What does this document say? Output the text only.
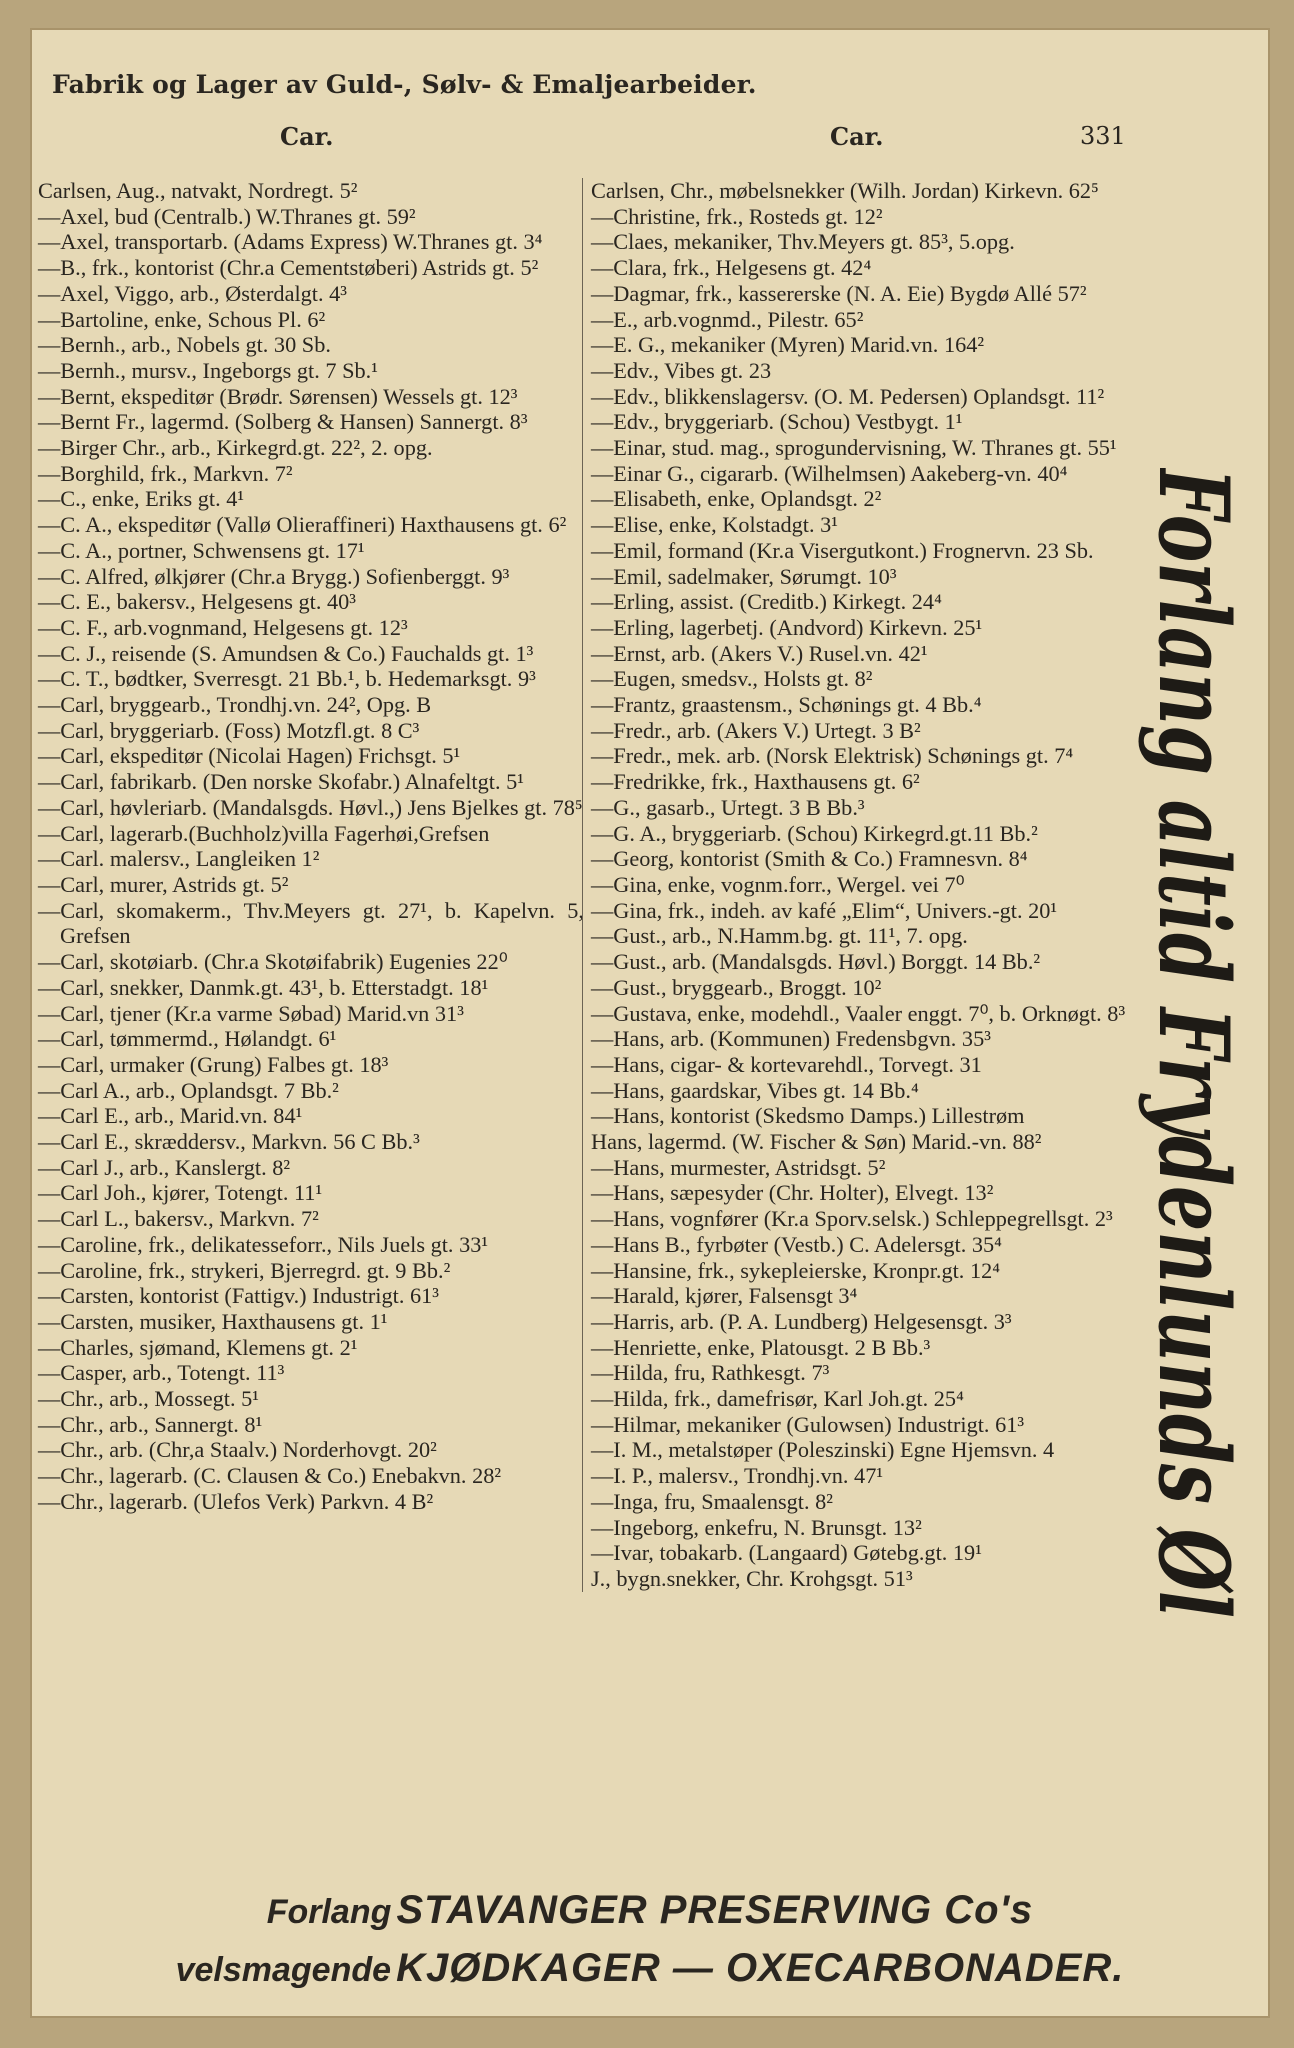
Fabrik og Lager av Guld-, Sølv- & Emaljearbeider.
Car.	Car.	331
Carlsen, Aug., natvakt, Nordregt. 5²
—Axel, bud (Centralb.) W.Thranes gt. 59²
—Axel, transportarb. (Adams Express) W.Thranes gt. 3⁴
—B., frk., kontorist (Chr.a Cementstøberi) Astrids gt. 5²
—Axel, Viggo, arb., Østerdalgt. 4³
—Bartoline, enke, Schous Pl. 6²
—Bernh., arb., Nobels gt. 30 Sb.
—Bernh., mursv., Ingeborgs gt. 7 Sb.¹
—Bernt, ekspeditør (Brødr. Sørensen) Wessels gt. 12³
—Bernt Fr., lagermd. (Solberg & Hansen) Sannergt. 8³
—Birger Chr., arb., Kirkegrd.gt. 22², 2. opg.
—Borghild, frk., Markvn. 7²
—C., enke, Eriks gt. 4¹
—C. A., ekspeditør (Vallø Olieraffineri) Haxthausens gt. 6²
—C. A., portner, Schwensens gt. 17¹
—C. Alfred, ølkjører (Chr.a Brygg.) Sofienberggt. 9³
—C. E., bakersv., Helgesens gt. 40³
—C. F., arb.vognmand, Helgesens gt. 12³
—C. J., reisende (S. Amundsen & Co.) Fauchalds gt. 1³
—C. T., bødtker, Sverresgt. 21 Bb.¹, b. Hedemarksgt. 9³
—Carl, bryggearb., Trondhj.vn. 24², Opg. B
—Carl, bryggeriarb. (Foss) Motzfl.gt. 8 C³
—Carl, ekspeditør (Nicolai Hagen) Frichsgt. 5¹
—Carl, fabrikarb. (Den norske Skofabr.) Alnafeltgt. 5¹
—Carl, høvleriarb. (Mandalsgds. Høvl.,) Jens Bjelkes gt. 78⁵
—Carl, lagerarb.(Buchholz)villa Fagerhøi,Grefsen
—Carl. malersv., Langleiken 1²
—Carl, murer, Astrids gt. 5²
—Carl, skomakerm., Thv.Meyers gt. 27¹, b. Kapelvn. 5, Grefsen
—Carl, skotøiarb. (Chr.a Skotøifabrik) Eugenies 22⁰
—Carl, snekker, Danmk.gt. 43¹, b. Etterstadgt. 18¹
—Carl, tjener (Kr.a varme Søbad) Marid.vn 31³
—Carl, tømmermd., Hølandgt. 6¹
—Carl, urmaker (Grung) Falbes gt. 18³
—Carl A., arb., Oplandsgt. 7 Bb.²
—Carl E., arb., Marid.vn. 84¹
—Carl E., skræddersv., Markvn. 56 C Bb.³
—Carl J., arb., Kanslergt. 8²
—Carl Joh., kjører, Totengt. 11¹
—Carl L., bakersv., Markvn. 7²
—Caroline, frk., delikatesseforr., Nils Juels gt. 33¹
—Caroline, frk., strykeri, Bjerregrd. gt. 9 Bb.²
—Carsten, kontorist (Fattigv.) Industrigt. 61³
—Carsten, musiker, Haxthausens gt. 1¹
—Charles, sjømand, Klemens gt. 2¹
—Casper, arb., Totengt. 11³
—Chr., arb., Mossegt. 5¹
—Chr., arb., Sannergt. 8¹
—Chr., arb. (Chr,a Staalv.) Norderhovgt. 20²
—Chr., lagerarb. (C. Clausen & Co.) Enebakvn. 28²
—Chr., lagerarb. (Ulefos Verk) Parkvn. 4 B²
Carlsen, Chr., møbelsnekker (Wilh. Jordan) Kirkevn. 62⁵
—Christine, frk., Rosteds gt. 12²
—Claes, mekaniker, Thv.Meyers gt. 85³, 5.opg.
—Clara, frk., Helgesens gt. 42⁴
—Dagmar, frk., kassererske (N. A. Eie) Bygdø Allé 57²
—E., arb.vognmd., Pilestr. 65²
—E. G., mekaniker (Myren) Marid.vn. 164²
—Edv., Vibes gt. 23
—Edv., blikkenslagersv. (O. M. Pedersen) Oplandsgt. 11²
—Edv., bryggeriarb. (Schou) Vestbygt. 1¹
—Einar, stud. mag., sprogundervisning, W. Thranes gt. 55¹
—Einar G., cigararb. (Wilhelmsen) Aakeberg-vn. 40⁴
—Elisabeth, enke, Oplandsgt. 2²
—Elise, enke, Kolstadgt. 3¹
—Emil, formand (Kr.a Visergutkont.) Frognervn. 23 Sb.
—Emil, sadelmaker, Sørumgt. 10³
—Erling, assist. (Creditb.) Kirkegt. 24⁴
—Erling, lagerbetj. (Andvord) Kirkevn. 25¹
—Ernst, arb. (Akers V.) Rusel.vn. 42¹
—Eugen, smedsv., Holsts gt. 8²
—Frantz, graastensm., Schønings gt. 4 Bb.⁴
—Fredr., arb. (Akers V.) Urtegt. 3 B²
—Fredr., mek. arb. (Norsk Elektrisk) Schønings gt. 7⁴
—Fredrikke, frk., Haxthausens gt. 6²
—G., gasarb., Urtegt. 3 B Bb.³
—G. A., bryggeriarb. (Schou) Kirkegrd.gt.11 Bb.²
—Georg, kontorist (Smith & Co.) Framnesvn. 8⁴
—Gina, enke, vognm.forr., Wergel. vei 7⁰
—Gina, frk., indeh. av kafé „Elim“, Univers.-gt. 20¹
—Gust., arb., N.Hamm.bg. gt. 11¹, 7. opg.
—Gust., arb. (Mandalsgds. Høvl.) Borggt. 14 Bb.²
—Gust., bryggearb., Broggt. 10²
—Gustava, enke, modehdl., Vaaler enggt. 7⁰, b. Orknøgt. 8³
—Hans, arb. (Kommunen) Fredensbgvn. 35³
—Hans, cigar- & kortevarehdl., Torvegt. 31
—Hans, gaardskar, Vibes gt. 14 Bb.⁴
—Hans, kontorist (Skedsmo Damps.) Lillestrøm
Hans, lagermd. (W. Fischer & Søn) Marid.-vn. 88²
—Hans, murmester, Astridsgt. 5²
—Hans, sæpesyder (Chr. Holter), Elvegt. 13²
—Hans, vognfører (Kr.a Sporv.selsk.) Schleppegrellsgt. 2³
—Hans B., fyrbøter (Vestb.) C. Adelersgt. 35⁴
—Hansine, frk., sykepleierske, Kronpr.gt. 12⁴
—Harald, kjører, Falsensgt 3⁴
—Harris, arb. (P. A. Lundberg) Helgesensgt. 3³
—Henriette, enke, Platousgt. 2 B Bb.³
—Hilda, fru, Rathkesgt. 7³
—Hilda, frk., damefrisør, Karl Joh.gt. 25⁴
—Hilmar, mekaniker (Gulowsen) Industrigt. 61³
—I. M., metalstøper (Poleszinski) Egne Hjemsvn. 4
—I. P., malersv., Trondhj.vn. 47¹
—Inga, fru, Smaalensgt. 8²
—Ingeborg, enkefru, N. Brunsgt. 13²
—Ivar, tobakarb. (Langaard) Gøtebg.gt. 19¹
J., bygn.snekker, Chr. Krohgsgt. 51³	Forlang altid Frydenlunds Øl
Forlang STAVANGER PRESERVING Co's
velsmagende KJØDKAGER — OXECARBONADER.
